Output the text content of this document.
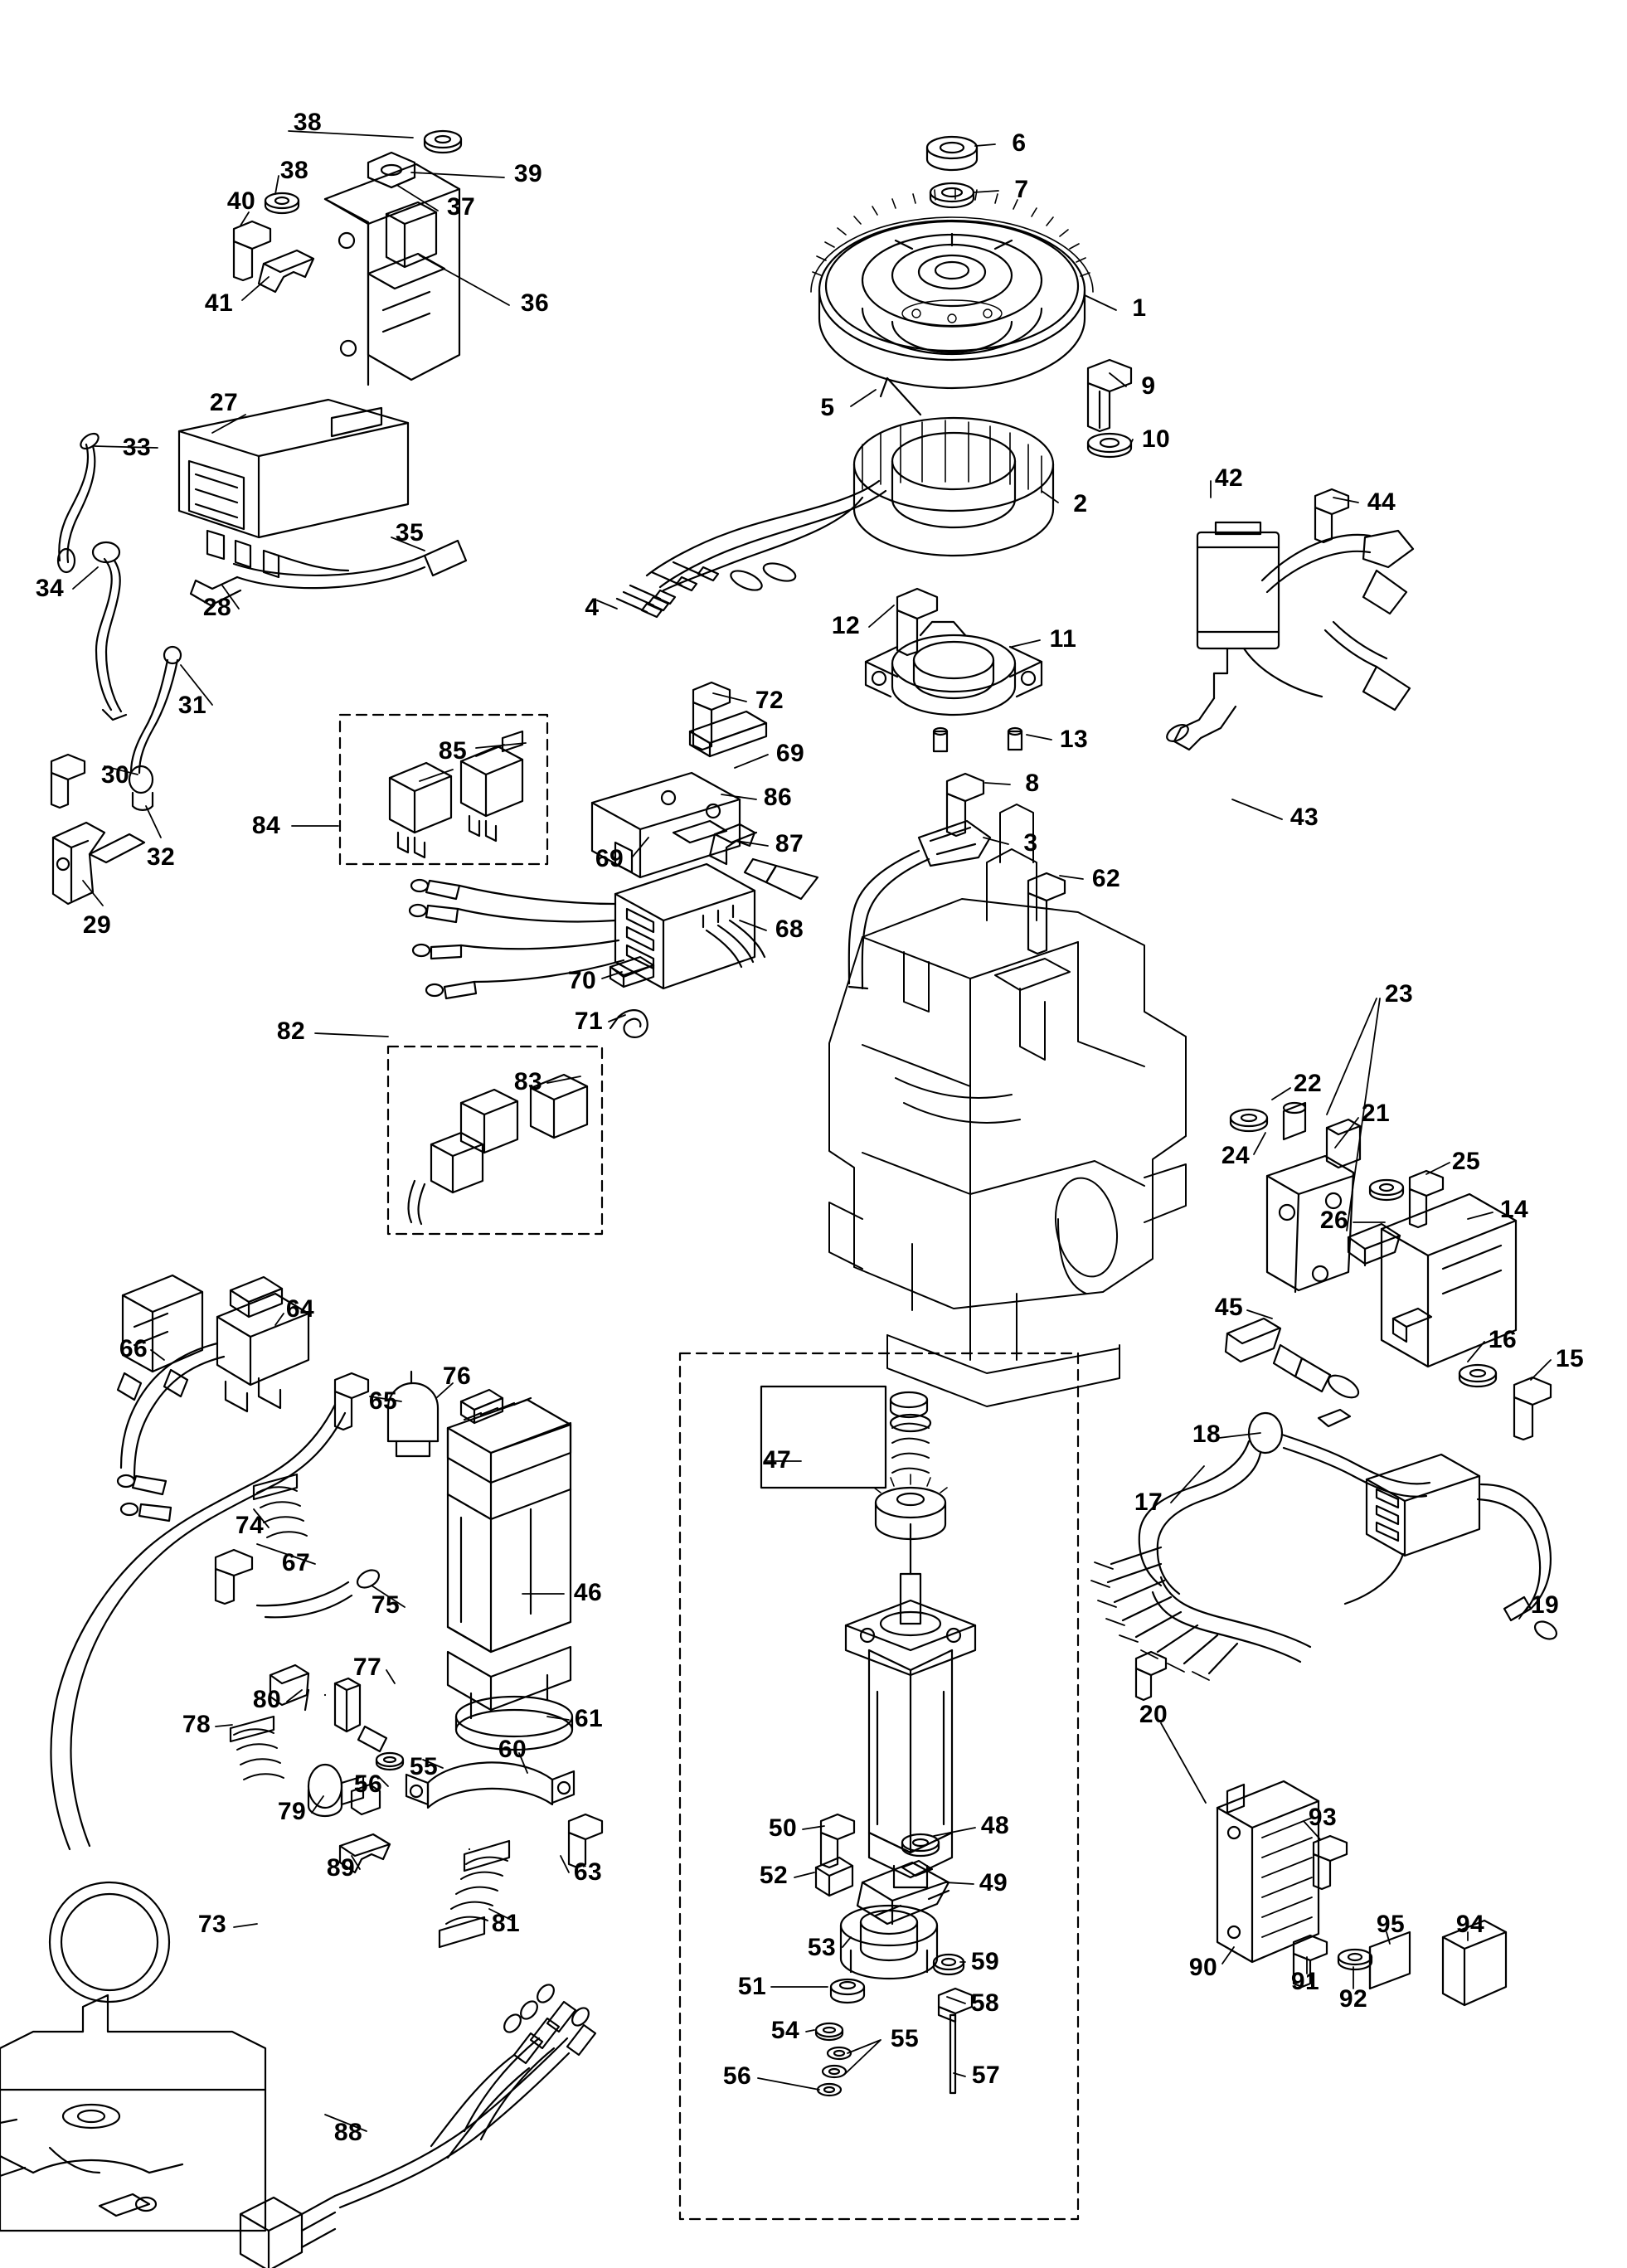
38
38	39
40	37
41	36
6
7
1
9
5
10
2
42
44
27
33
35
34
28	4
12	11
31
30
32
29
72
69
13
8
85
86
84
69
87	3
43
62
68
70
71
82
83
23
22
21
24	25
14
26
45
16
15
64
65
76
66
47
18
17
74
67
75	46	19
77
80
61
78
55
60
56
79
20
89	63
81
50	48
52	49
93
95 94
90
91
92
53
59
51
58
54	55
56	57
73
88
